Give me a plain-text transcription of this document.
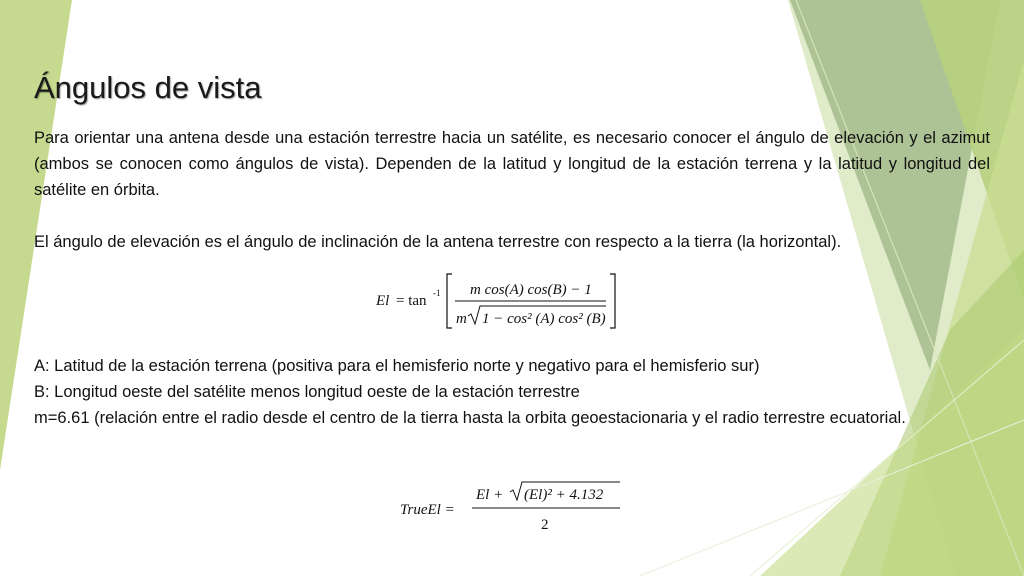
Ángulos de vista

Para orientar una antena desde una estación terrestre hacia un satélite, es necesario conocer el ángulo de elevación y el azimut (ambos se conocen como ángulos de vista). Dependen de la latitud y longitud de la estación terrena y la latitud y longitud del satélite en órbita.

El ángulo de elevación es el ángulo de inclinación de la antena terrestre con respecto a la tierra (la horizontal).

El = tan -1 m cos(A) cos(B) − 1
m 1 − cos² (A) cos² (B)

A: Latitud de la estación terrena (positiva para el hemisferio norte y negativo para el hemisferio sur)
B: Longitud oeste del satélite menos longitud oeste de la estación terrestre
m=6.61 (relación entre el radio desde el centro de la tierra hasta la orbita geoestacionaria y el radio terrestre ecuatorial.

TrueEl =
El + (El)² + 4.132
2
